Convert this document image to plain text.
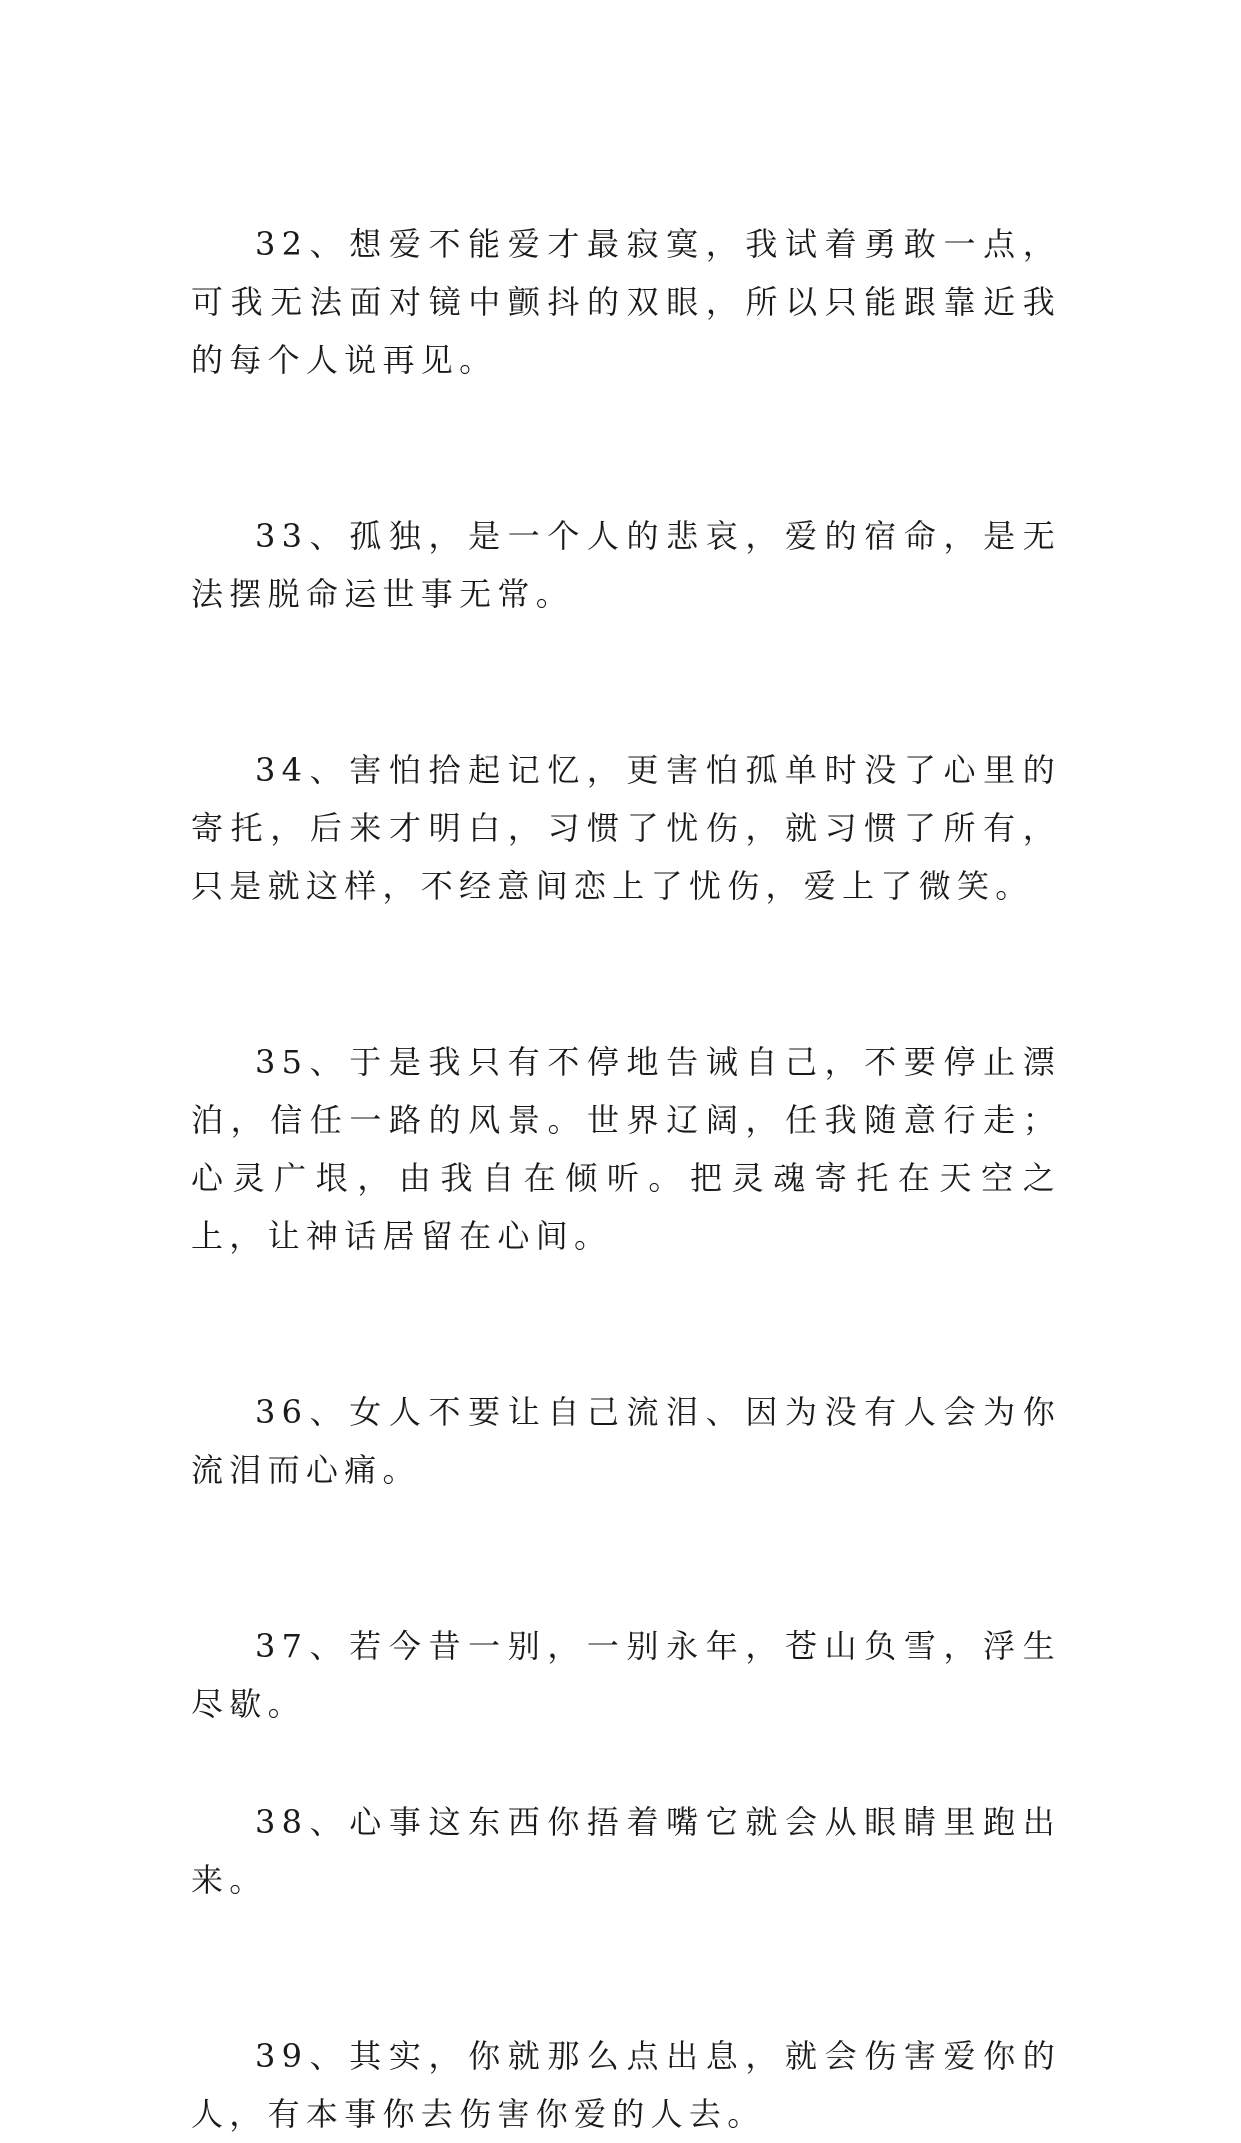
32、想爱不能爱才最寂寞，我试着勇敢一点，可我无法面对镜中颤抖的双眼，所以只能跟靠近我的每个人说再见。

33、孤独，是一个人的悲哀，爱的宿命，是无法摆脱命运世事无常。

34、害怕拾起记忆，更害怕孤单时没了心里的寄托，后来才明白，习惯了忧伤，就习惯了所有，只是就这样，不经意间恋上了忧伤，爱上了微笑。

35、于是我只有不停地告诫自己，不要停止漂泊，信任一路的风景。世界辽阔，任我随意行走；心灵广垠，由我自在倾听。把灵魂寄托在天空之上，让神话居留在心间。

36、女人不要让自己流泪、因为没有人会为你流泪而心痛。

37、若今昔一别，一别永年，苍山负雪，浮生尽歇。

38、心事这东西你捂着嘴它就会从眼睛里跑出来。

39、其实，你就那么点出息，就会伤害爱你的人，有本事你去伤害你爱的人去。
